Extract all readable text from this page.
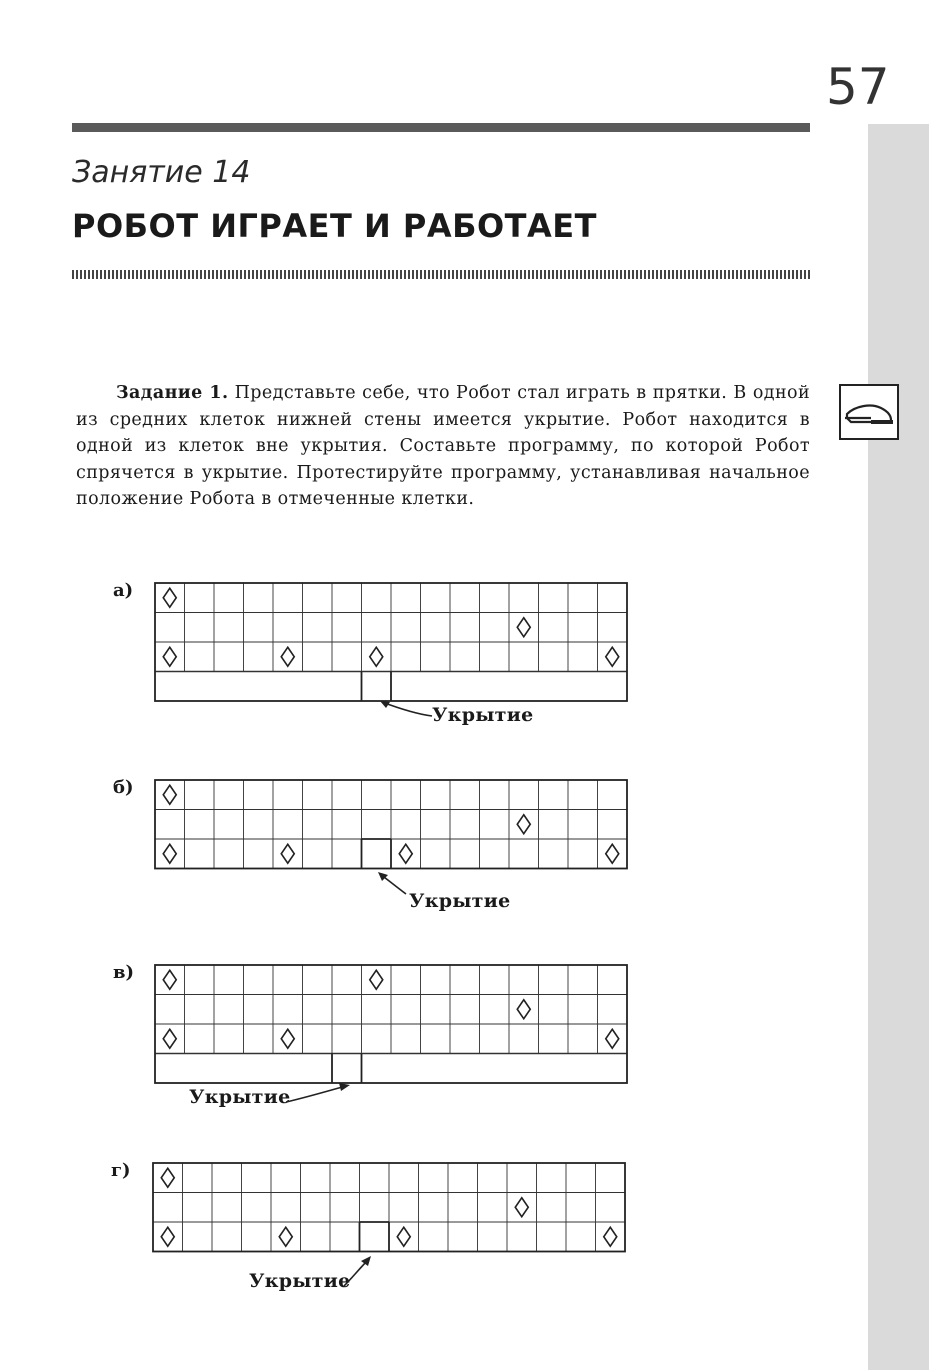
57
Занятие 14
РОБОТ ИГРАЕТ И РАБОТАЕТ
Задание 1. Представьте себе, что Робот стал играть в прятки. В одной из средних клеток нижней стены имеется укрытие. Робот находится в одной из клеток вне укрытия. Составьте программу, по которой Робот спрячется в укрытие. Протестируйте программу, устанавливая начальное положение Робота в отмеченные клетки.
а)
Укрытие
б)
Укрытие
в)
Укрытие
г)
Укрытие
